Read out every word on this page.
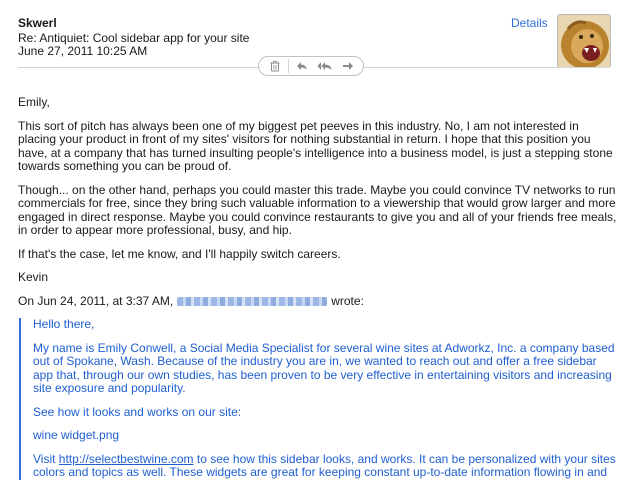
Skwerl
Re: Antiquiet: Cool sidebar app for your site
June 27, 2011 10:25 AM
Details

Emily,

This sort of pitch has always been one of my biggest pet peeves in this industry. No, I am not interested in placing your product in front of my sites' visitors for nothing substantial in return. I hope that this position you have, at a company that has turned insulting people's intelligence into a business model, is just a stepping stone towards something you can be proud of.

Though... on the other hand, perhaps you could master this trade. Maybe you could convince TV networks to run commercials for free, since they bring such valuable information to a viewership that would grow larger and more engaged in direct response. Maybe you could convince restaurants to give you and all of your friends free meals, in order to appear more professional, busy, and hip.

If that's the case, let me know, and I'll happily switch careers.

Kevin

On Jun 24, 2011, at 3:37 AM,	wrote:

Hello there,

My name is Emily Conwell, a Social Media Specialist for several wine sites at Adworkz, Inc. a company based out of Spokane, Wash. Because of the industry you are in, we wanted to reach out and offer a free sidebar app that, through our own studies, has been proven to be very effective in entertaining visitors and increasing site exposure and popularity.

See how it looks and works on our site:

wine widget.png

Visit http://selectbestwine.com to see how this sidebar looks, and works. It can be personalized with your sites colors and topics as well. These widgets are great for keeping constant up-to-date information flowing in and
